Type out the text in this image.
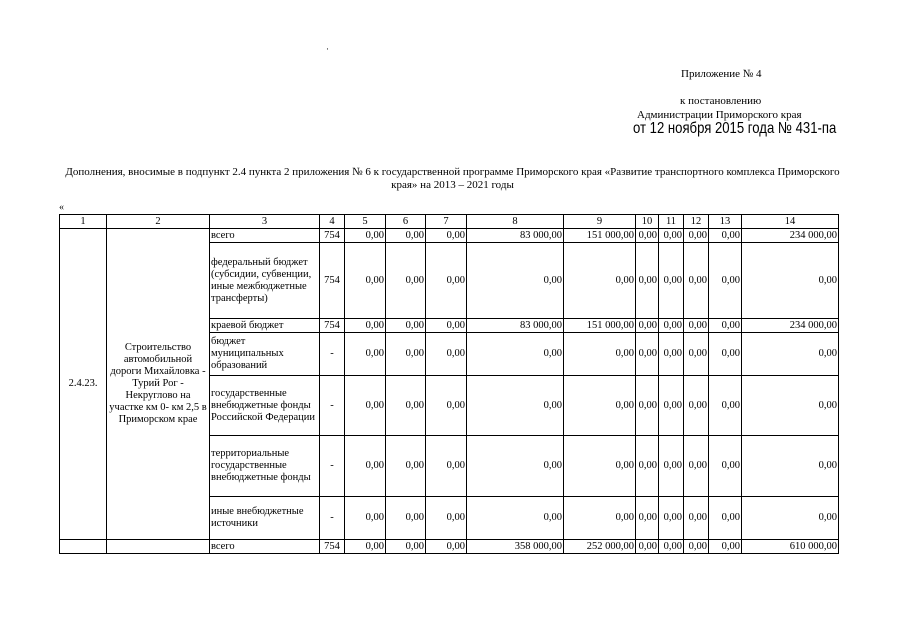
·
Приложение № 4
к постановлению
Администрации Приморского края
от 12 ноября 2015 года № 431-па
Дополнения, вносимые в подпункт 2.4 пункта 2 приложения № 6 к государственной программе Приморского края «Развитие транспортного комплекса Приморского края» на 2013 – 2021 годы
«
1	2	3	4	5	6	7	8	9	10	11	12	13	14
2.4.23.	Строительство автомобильной дороги Михайловка - Турий Рог - Некруглово на участке км 0- км 2,5 в Приморском крае	всего	754	0,00	0,00	0,00	83 000,00	151 000,00	0,00	0,00	0,00	0,00	234 000,00
		федеральный бюджет (субсидии, субвенции, иные межбюджетные трансферты)	754	0,00	0,00	0,00	0,00	0,00	0,00	0,00	0,00	0,00	0,00
		краевой бюджет	754	0,00	0,00	0,00	83 000,00	151 000,00	0,00	0,00	0,00	0,00	234 000,00
		бюджет муниципальных образований	-	0,00	0,00	0,00	0,00	0,00	0,00	0,00	0,00	0,00	0,00
		государственные внебюджетные фонды Российской Федерации	-	0,00	0,00	0,00	0,00	0,00	0,00	0,00	0,00	0,00	0,00
		территориальные государственные внебюджетные фонды	-	0,00	0,00	0,00	0,00	0,00	0,00	0,00	0,00	0,00	0,00
		иные внебюджетные источники	-	0,00	0,00	0,00	0,00	0,00	0,00	0,00	0,00	0,00	0,00
		всего	754	0,00	0,00	0,00	358 000,00	252 000,00	0,00	0,00	0,00	0,00	610 000,00
